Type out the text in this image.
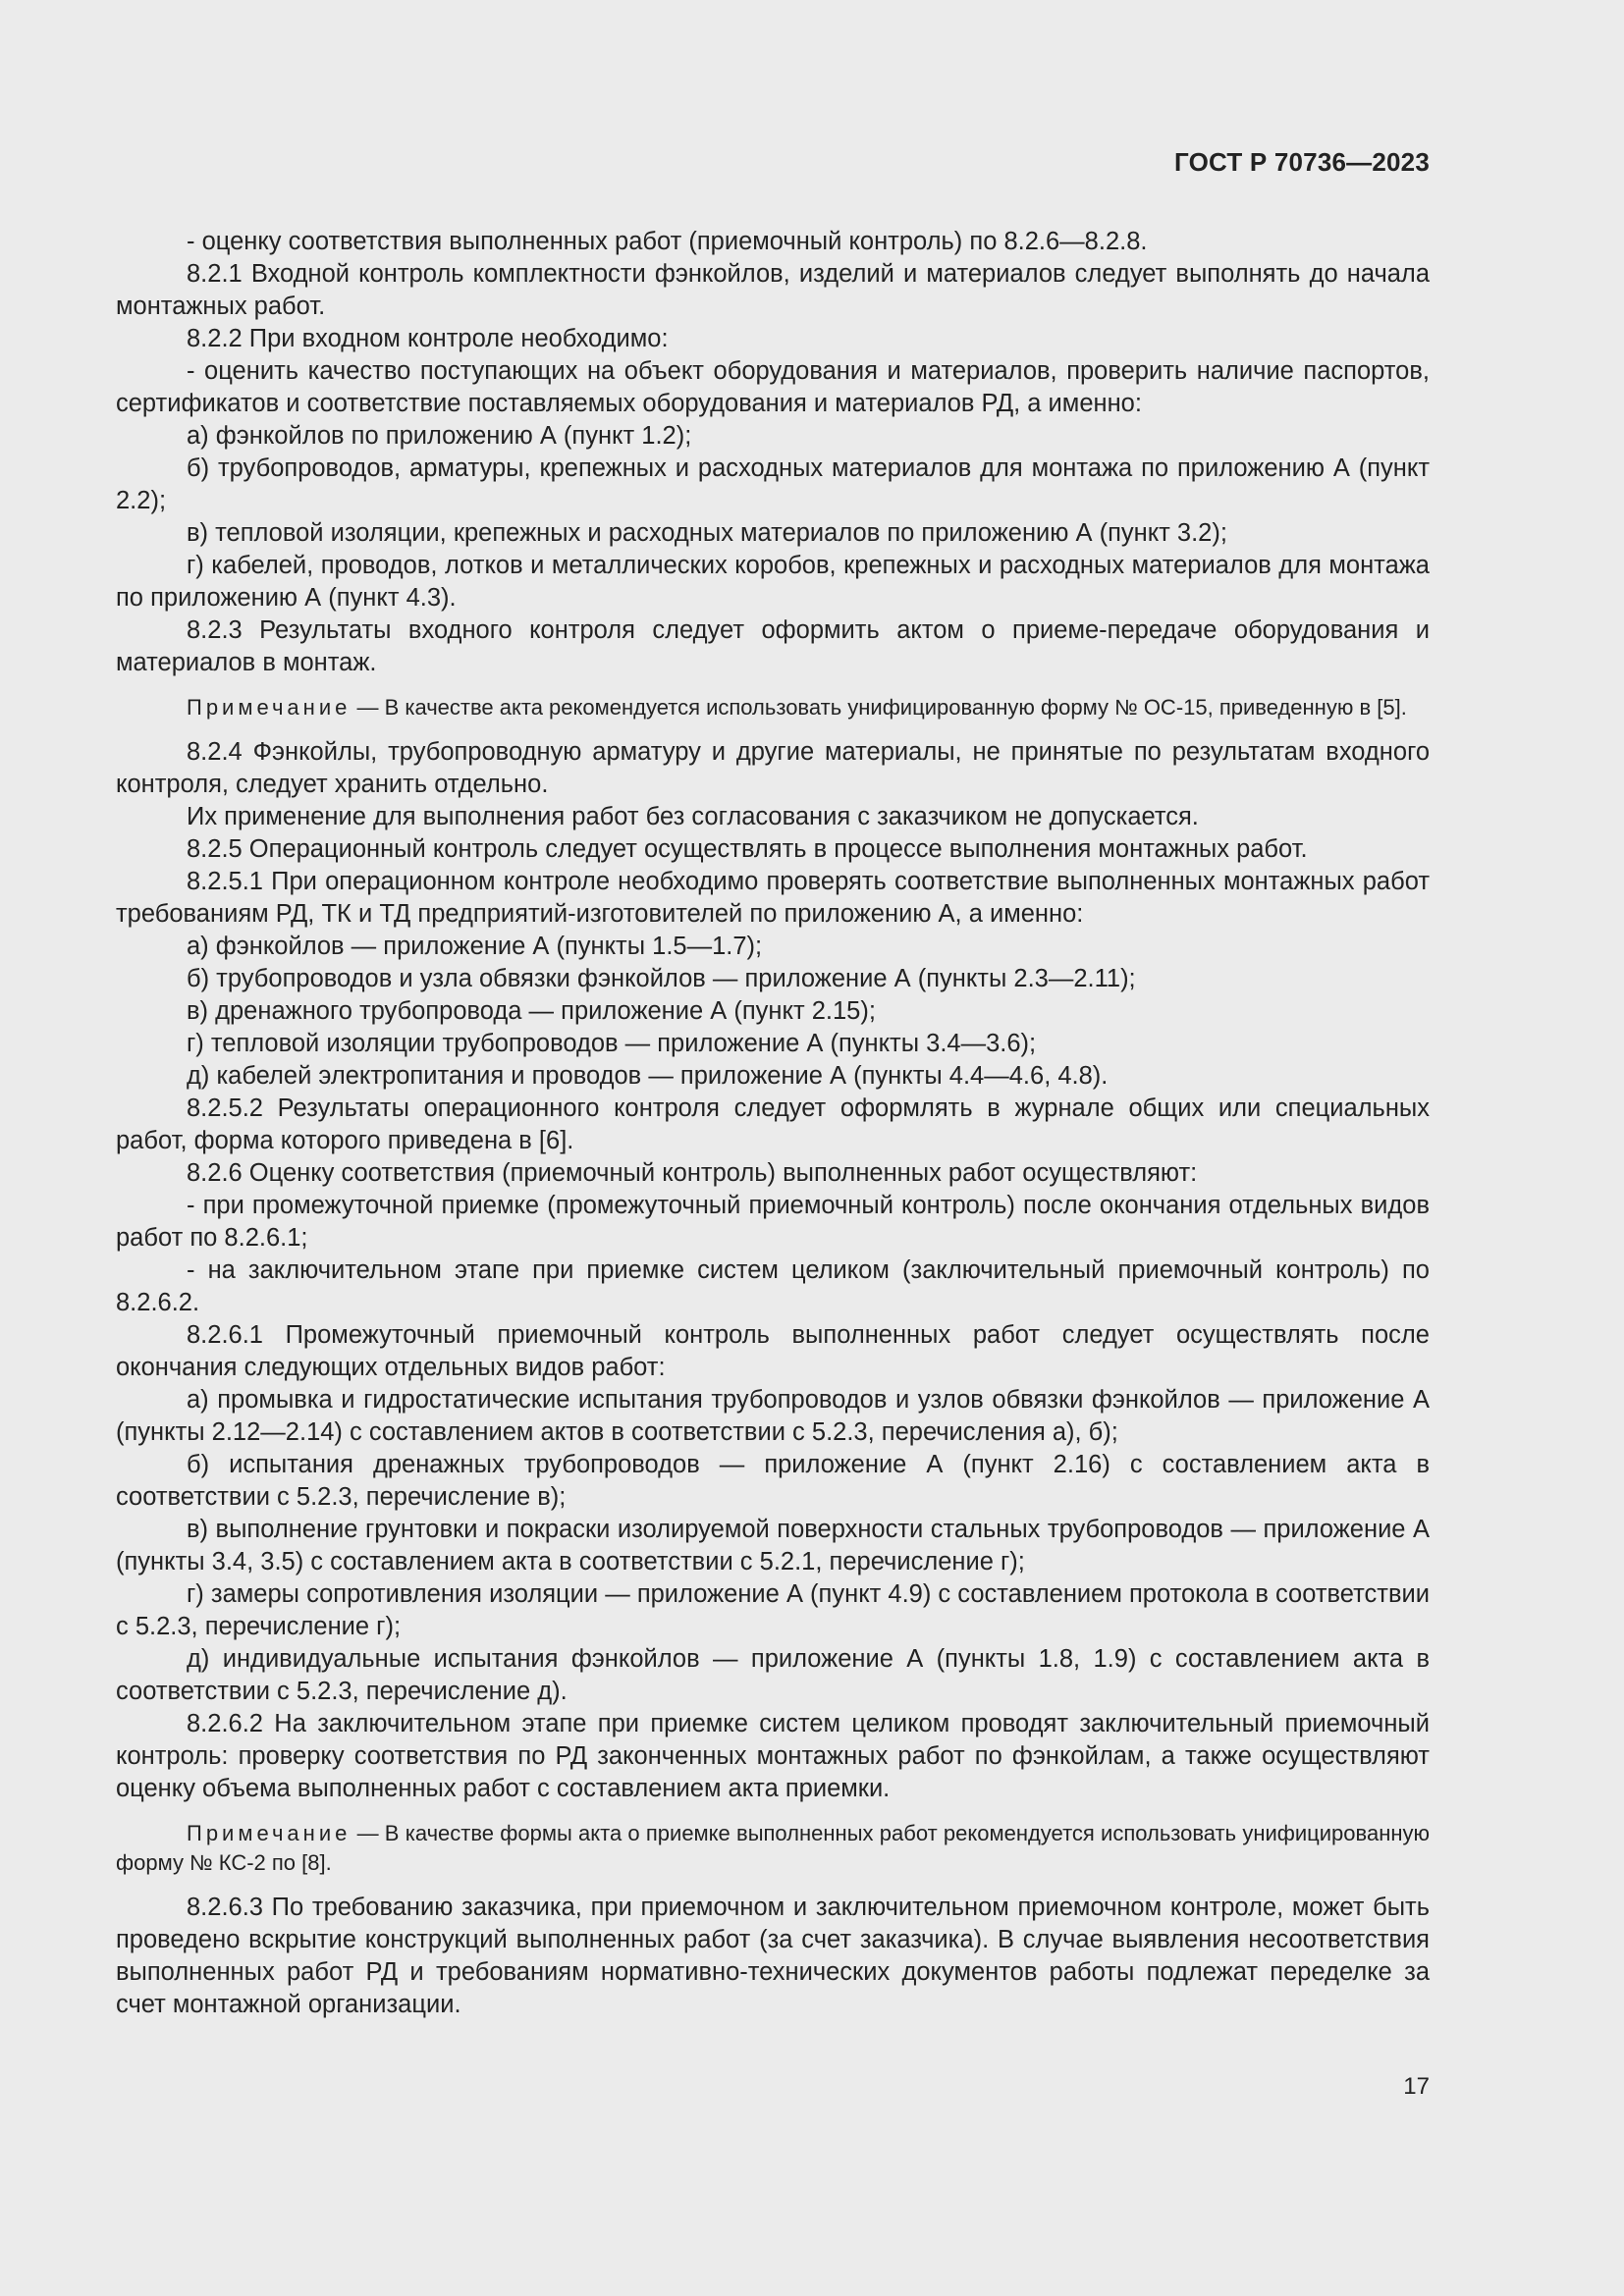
ГОСТ Р 70736—2023

- оценку соответствия выполненных работ (приемочный контроль) по 8.2.6—8.2.8.

8.2.1 Входной контроль комплектности фэнкойлов, изделий и материалов следует выполнять до начала монтажных работ.

8.2.2 При входном контроле необходимо:

- оценить качество поступающих на объект оборудования и материалов, проверить наличие паспортов, сертификатов и соответствие поставляемых оборудования и материалов РД, а именно:

а) фэнкойлов по приложению А (пункт 1.2);

б) трубопроводов, арматуры, крепежных и расходных материалов для монтажа по приложению А (пункт 2.2);

в) тепловой изоляции, крепежных и расходных материалов по приложению А (пункт 3.2);

г) кабелей, проводов, лотков и металлических коробов, крепежных и расходных материалов для монтажа по приложению А (пункт 4.3).

8.2.3 Результаты входного контроля следует оформить актом о приеме-передаче оборудования и материалов в монтаж.

Примечание — В качестве акта рекомендуется использовать унифицированную форму № ОС-15, приведенную в [5].

8.2.4 Фэнкойлы, трубопроводную арматуру и другие материалы, не принятые по результатам входного контроля, следует хранить отдельно.

Их применение для выполнения работ без согласования с заказчиком не допускается.

8.2.5 Операционный контроль следует осуществлять в процессе выполнения монтажных работ.

8.2.5.1 При операционном контроле необходимо проверять соответствие выполненных монтажных работ требованиям РД, ТК и ТД предприятий-изготовителей по приложению А, а именно:

а) фэнкойлов — приложение А (пункты 1.5—1.7);

б) трубопроводов и узла обвязки фэнкойлов — приложение А (пункты 2.3—2.11);

в) дренажного трубопровода — приложение А (пункт 2.15);

г) тепловой изоляции трубопроводов — приложение А (пункты 3.4—3.6);

д) кабелей электропитания и проводов — приложение А (пункты 4.4—4.6, 4.8).

8.2.5.2 Результаты операционного контроля следует оформлять в журнале общих или специальных работ, форма которого приведена в [6].

8.2.6 Оценку соответствия (приемочный контроль) выполненных работ осуществляют:

- при промежуточной приемке (промежуточный приемочный контроль) после окончания отдельных видов работ по 8.2.6.1;

- на заключительном этапе при приемке систем целиком (заключительный приемочный контроль) по 8.2.6.2.

8.2.6.1 Промежуточный приемочный контроль выполненных работ следует осуществлять после окончания следующих отдельных видов работ:

а) промывка и гидростатические испытания трубопроводов и узлов обвязки фэнкойлов — приложение А (пункты 2.12—2.14) с составлением актов в соответствии с 5.2.3, перечисления а), б);

б) испытания дренажных трубопроводов — приложение А (пункт 2.16) с составлением акта в соответствии с 5.2.3, перечисление в);

в) выполнение грунтовки и покраски изолируемой поверхности стальных трубопроводов — приложение А (пункты 3.4, 3.5) с составлением акта в соответствии с 5.2.1, перечисление г);

г) замеры сопротивления изоляции — приложение А (пункт 4.9) с составлением протокола в соответствии с 5.2.3, перечисление г);

д) индивидуальные испытания фэнкойлов — приложение А (пункты 1.8, 1.9) с составлением акта в соответствии с 5.2.3, перечисление д).

8.2.6.2 На заключительном этапе при приемке систем целиком проводят заключительный приемочный контроль: проверку соответствия по РД законченных монтажных работ по фэнкойлам, а также осуществляют оценку объема выполненных работ с составлением акта приемки.

Примечание — В качестве формы акта о приемке выполненных работ рекомендуется использовать унифицированную форму № КС-2 по [8].

8.2.6.3 По требованию заказчика, при приемочном и заключительном приемочном контроле, может быть проведено вскрытие конструкций выполненных работ (за счет заказчика). В случае выявления несоответствия выполненных работ РД и требованиям нормативно-технических документов работы подлежат переделке за счет монтажной организации.

17
